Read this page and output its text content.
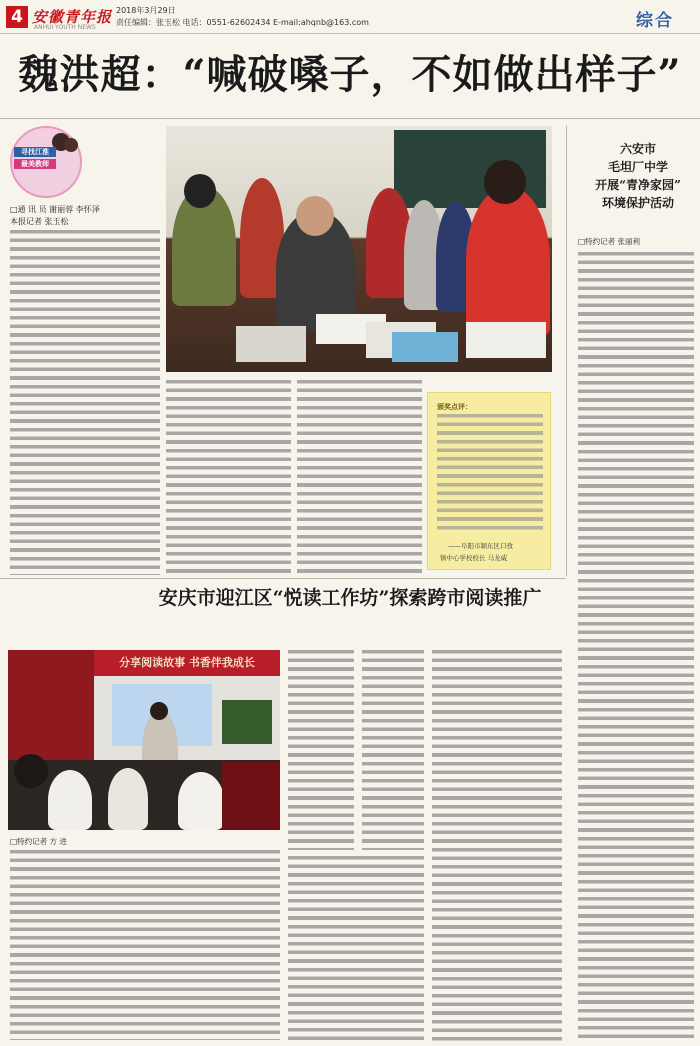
4 安徽青年报
ANHUI YOUTH NEWS
2018年3月29日
责任编辑：张玉松 电话：0551-62602434 E-mail:ahqnb@163.com	综合
魏洪超：“喊破嗓子，不如做出样子”
寻找江淮
最美教师
□通 讯 员 谢丽蓉 李怀泽
本报记者 张玉松
六安市
毛坦厂中学
开展“青净家园”
环境保护活动
□特约记者 张丽利
颁奖点评：
——阜阳市颍东区口孜
镇中心学校校长 马龙威
安庆市迎江区“悦读工作坊”探索跨市阅读推广
分享阅读故事 书香伴我成长
□特约记者 方 进
